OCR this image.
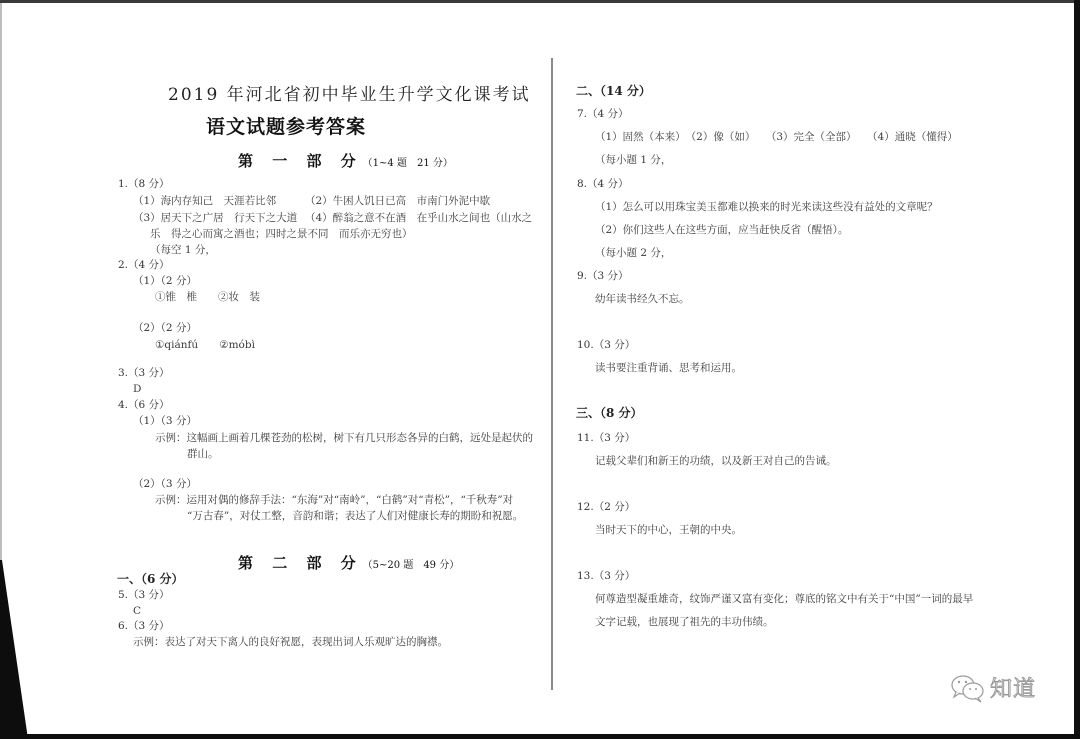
2019 年河北省初中毕业生升学文化课考试
语文试题参考答案
第 一 部 分（1~4 题　21 分）
1.（8 分）
（1）海内存知己　天涯若比邻	（2）牛困人饥日已高　市南门外泥中歇
（3）居天下之广居　行天下之大道 （4）醉翁之意不在酒　在乎山水之间也（山水之
乐　得之心而寓之酒也；四时之景不同　而乐亦无穷也）
（每空 1 分，
2.（4 分）
（1）（2 分）
①锥　椎　　②妆　装
（2）（2 分）
①qiánfú　　②móbì
3.（3 分）
D
4.（6 分）
（1）（3 分）
示例：这幅画上画着几棵苍劲的松树，树下有几只形态各异的白鹤，远处是起伏的
群山。
（2）（3 分）
示例：运用对偶的修辞手法：“东海”对“南岭”，“白鹤”对“青松”，“千秋寿”对
“万古春”，对仗工整，音韵和谐；表达了人们对健康长寿的期盼和祝愿。
第 二 部 分（5~20 题　49 分）
一、（6 分）
5.（3 分）
C
6.（3 分）
示例：表达了对天下离人的良好祝愿，表现出词人乐观旷达的胸襟。
二、（14 分）
7.（4 分）
（1）固然（本来）　（2）像（如）　　（3）完全（全部）　　（4）通晓（懂得）
（每小题 1 分，
8.（4 分）
（1）怎么可以用珠宝美玉都难以换来的时光来读这些没有益处的文章呢？
（2）你们这些人在这些方面，应当赶快反省（醒悟）。
（每小题 2 分，
9.（3 分）
幼年读书经久不忘。
10.（3 分）
读书要注重背诵、思考和运用。
三、（8 分）
11.（3 分）
记载父辈们和新王的功绩，以及新王对自己的告诫。
12.（2 分）
当时天下的中心，王朝的中央。
13.（3 分）
何尊造型凝重雄奇，纹饰严谨又富有变化；尊底的铭文中有关于“中国”一词的最早
文字记载，也展现了祖先的丰功伟绩。
知道
